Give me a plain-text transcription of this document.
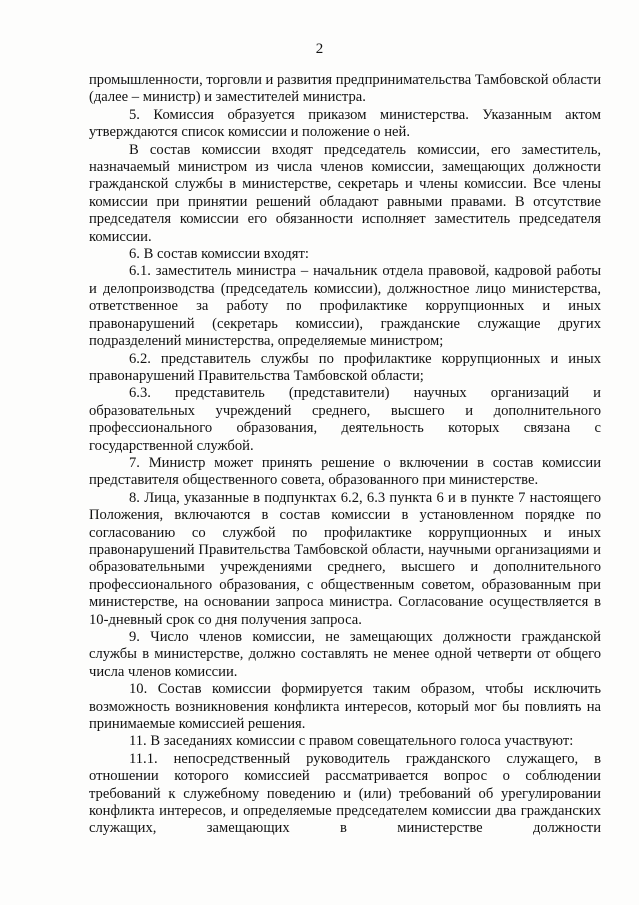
2

промышленности, торговли и развития предпринимательства Тамбовской области (далее – министр) и заместителей министра.

5. Комиссия образуется приказом министерства. Указанным актом утверждаются список комиссии и положение о ней.

В состав комиссии входят председатель комиссии, его заместитель, назначаемый министром из числа членов комиссии, замещающих должности гражданской службы в министерстве, секретарь и члены комиссии. Все члены комиссии при принятии решений обладают равными правами. В отсутствие председателя комиссии его обязанности исполняет заместитель председателя комиссии.

6. В состав комиссии входят:

6.1. заместитель министра – начальник отдела правовой, кадровой работы и делопроизводства (председатель комиссии), должностное лицо министерства, ответственное за работу по профилактике коррупционных и иных правонарушений (секретарь комиссии), гражданские служащие других подразделений министерства, определяемые министром;

6.2. представитель службы по профилактике коррупционных и иных правонарушений Правительства Тамбовской области;

6.3. представитель (представители) научных организаций и образовательных учреждений среднего, высшего и дополнительного профессионального образования, деятельность которых связана с государственной службой.

7. Министр может принять решение о включении в состав комиссии представителя общественного совета, образованного при министерстве.

8. Лица, указанные в подпунктах 6.2, 6.3 пункта 6 и в пункте 7 настоящего Положения, включаются в состав комиссии в установленном порядке по согласованию со службой по профилактике коррупционных и иных правонарушений Правительства Тамбовской области, научными организациями и образовательными учреждениями среднего, высшего и дополнительного профессионального образования, с общественным советом, образованным при министерстве, на основании запроса министра. Согласование осуществляется в 10-дневный срок со дня получения запроса.

9. Число членов комиссии, не замещающих должности гражданской службы в министерстве, должно составлять не менее одной четверти от общего числа членов комиссии.

10. Состав комиссии формируется таким образом, чтобы исключить возможность возникновения конфликта интересов, который мог бы повлиять на принимаемые комиссией решения.

11. В заседаниях комиссии с правом совещательного голоса участвуют:

11.1. непосредственный руководитель гражданского служащего, в отношении которого комиссией рассматривается вопрос о соблюдении требований к служебному поведению и (или) требований об урегулировании конфликта интересов, и определяемые председателем комиссии два гражданских служащих, замещающих в министерстве должности
